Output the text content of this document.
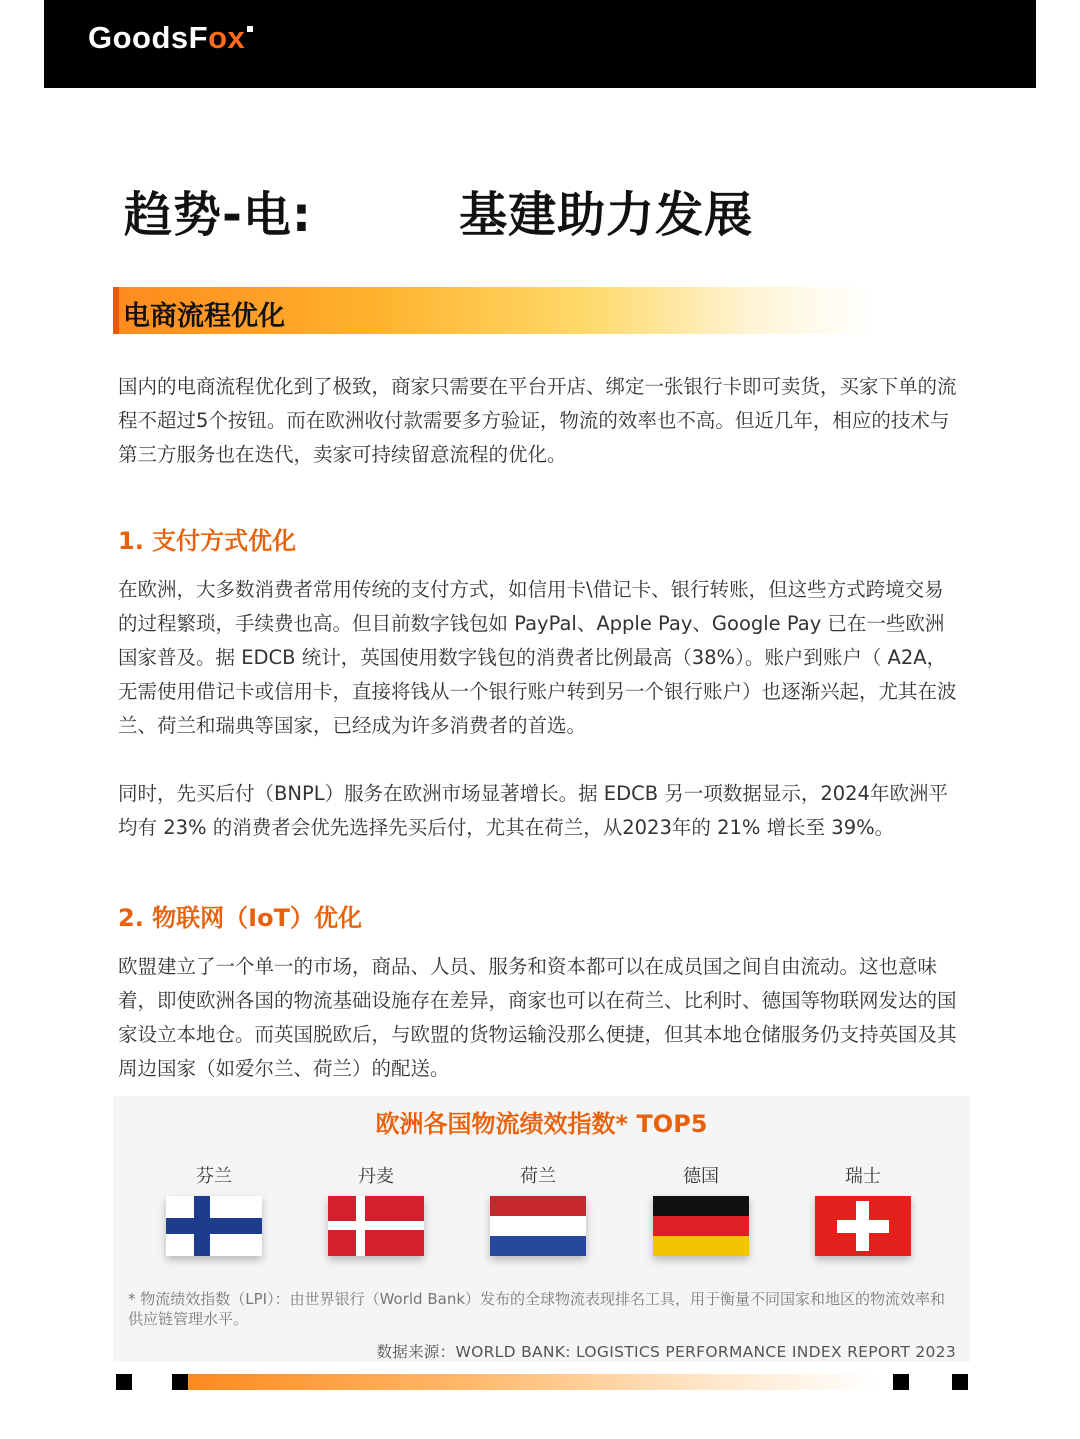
GoodsFox
趋势-电:　　　基建助力发展
电商流程优化

国内的电商流程优化到了极致，商家只需要在平台开店、绑定一张银行卡即可卖货，买家下单的流程不超过5个按钮。而在欧洲收付款需要多方验证，物流的效率也不高。但近几年，相应的技术与第三方服务也在迭代，卖家可持续留意流程的优化。

1. 支付方式优化

在欧洲，大多数消费者常用传统的支付方式，如信用卡\借记卡、银行转账，但这些方式跨境交易的过程繁琐，手续费也高。但目前数字钱包如 PayPal、Apple Pay、Google Pay 已在一些欧洲国家普及。据 EDCB 统计，英国使用数字钱包的消费者比例最高（38%）。账户到账户（ A2A，无需使用借记卡或信用卡，直接将钱从一个银行账户转到另一个银行账户）也逐渐兴起，尤其在波兰、荷兰和瑞典等国家，已经成为许多消费者的首选。

同时，先买后付（BNPL）服务在欧洲市场显著增长。据 EDCB 另一项数据显示，2024年欧洲平均有 23% 的消费者会优先选择先买后付，尤其在荷兰，从2023年的 21% 增长至 39%。

2. 物联网（IoT）优化

欧盟建立了一个单一的市场，商品、人员、服务和资本都可以在成员国之间自由流动。这也意味着，即使欧洲各国的物流基础设施存在差异，商家也可以在荷兰、比利时、德国等物联网发达的国家设立本地仓。而英国脱欧后，与欧盟的货物运输没那么便捷，但其本地仓储服务仍支持英国及其周边国家（如爱尔兰、荷兰）的配送。

欧洲各国物流绩效指数* TOP5
芬兰	丹麦	荷兰	德国	瑞士

* 物流绩效指数（LPI）：由世界银行（World Bank）发布的全球物流表现排名工具，用于衡量不同国家和地区的物流效率和供应链管理水平。

数据来源：WORLD BANK: LOGISTICS PERFORMANCE INDEX REPORT 2023
